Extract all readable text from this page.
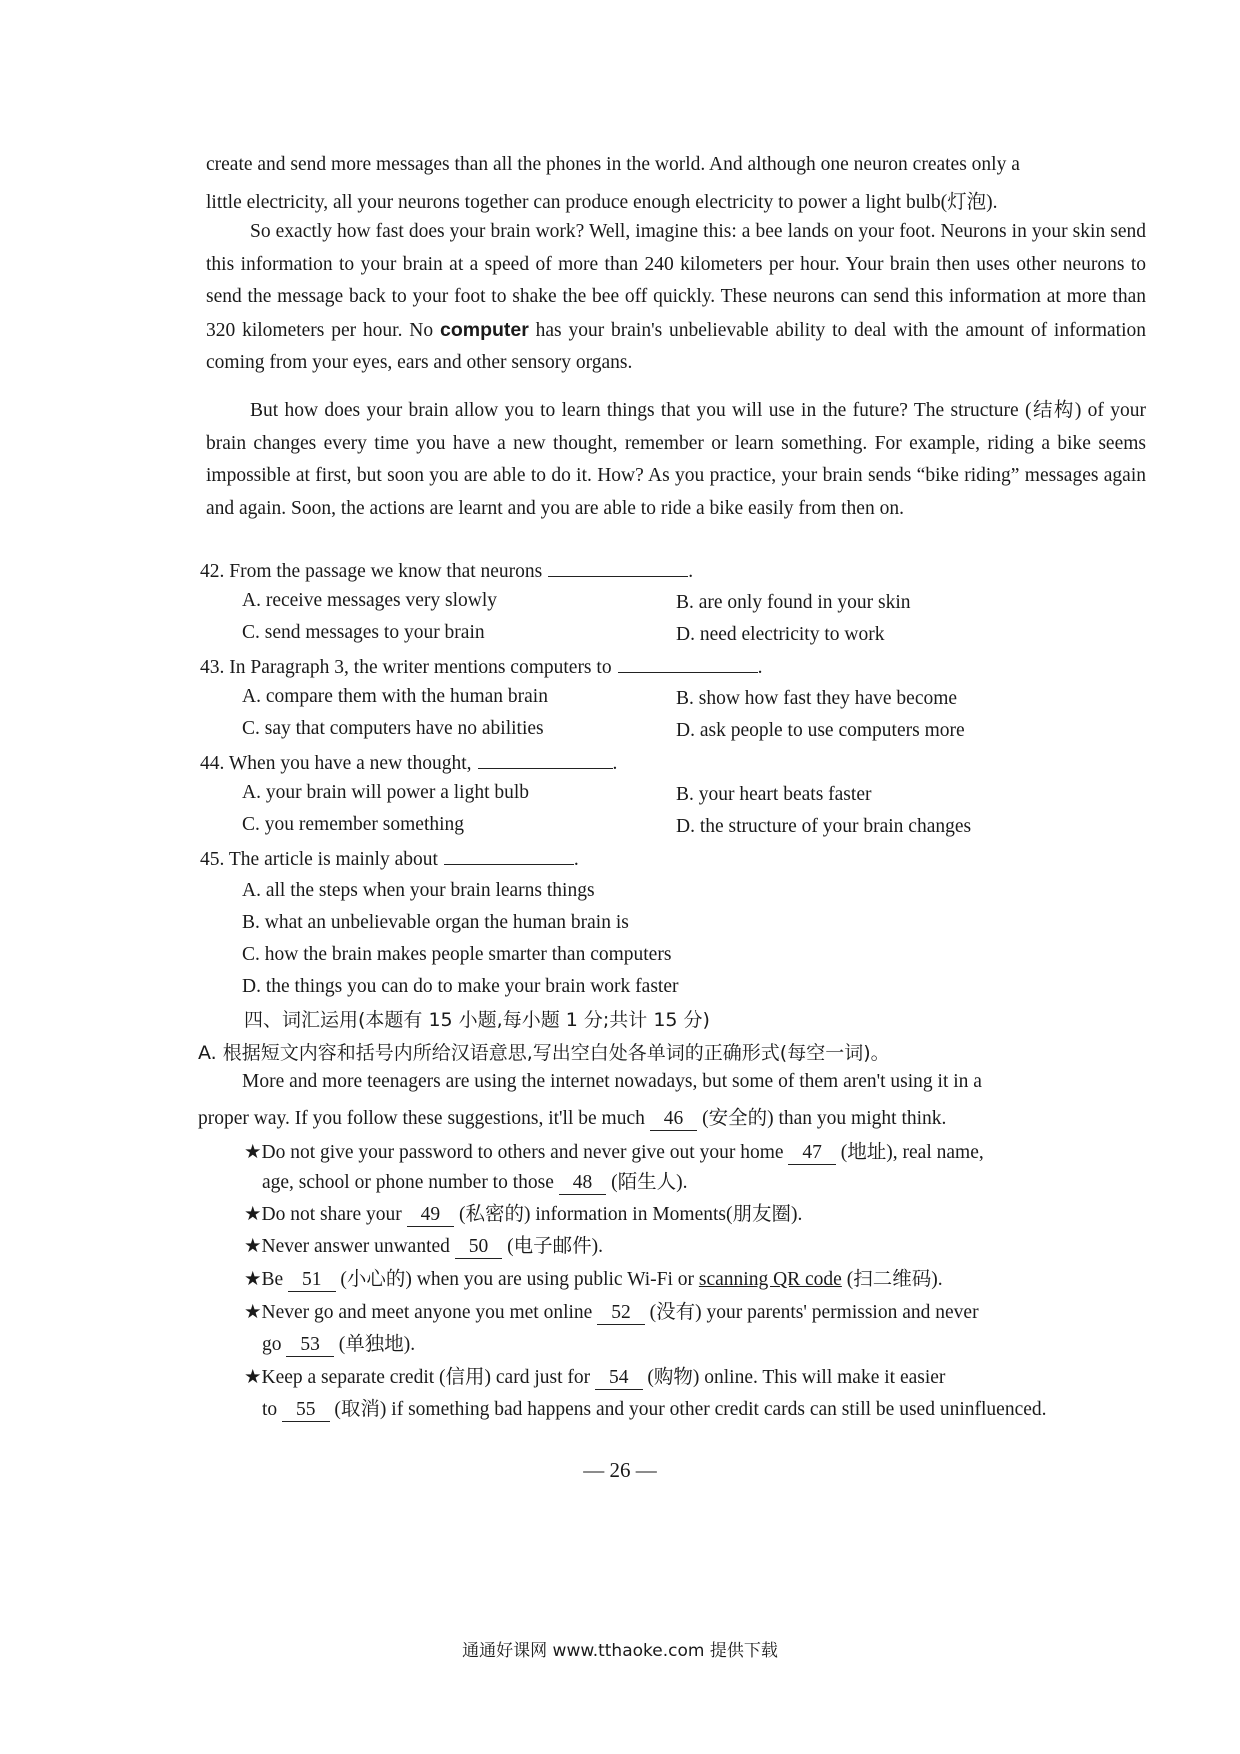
create and send more messages than all the phones in the world. And although one neuron creates only a
little electricity, all your neurons together can produce enough electricity to power a light bulb(灯泡).
So exactly how fast does your brain work? Well, imagine this: a bee lands on your foot. Neurons in your skin send this information to your brain at a speed of more than 240 kilometers per hour. Your brain then uses other neurons to send the message back to your foot to shake the bee off quickly. These neurons can send this information at more than 320 kilometers per hour. No computer has your brain's unbelievable ability to deal with the amount of information coming from your eyes, ears and other sensory organs.
But how does your brain allow you to learn things that you will use in the future? The structure (结构) of your brain changes every time you have a new thought, remember or learn something. For example, riding a bike seems impossible at first, but soon you are able to do it. How? As you practice, your brain sends “bike riding” messages again and again. Soon, the actions are learnt and you are able to ride a bike easily from then on.
42. From the passage we know that neurons	.
A. receive messages very slowly	B. are only found in your skin
C. send messages to your brain	D. need electricity to work
43. In Paragraph 3, the writer mentions computers to	.
A. compare them with the human brain	B. show how fast they have become
C. say that computers have no abilities	D. ask people to use computers more
44. When you have a new thought,	.
A. your brain will power a light bulb	B. your heart beats faster
C. you remember something	D. the structure of your brain changes
45. The article is mainly about	.
A. all the steps when your brain learns things
B. what an unbelievable organ the human brain is
C. how the brain makes people smarter than computers
D. the things you can do to make your brain work faster
四、词汇运用(本题有 15 小题,每小题 1 分;共计 15 分)
A. 根据短文内容和括号内所给汉语意思,写出空白处各单词的正确形式(每空一词)。
More and more teenagers are using the internet nowadays, but some of them aren't using it in a
proper way. If you follow these suggestions, it'll be much 46 (安全的) than you might think.
★Do not give your password to others and never give out your home 47 (地址), real name,
age, school or phone number to those 48 (陌生人).
★Do not share your 49 (私密的) information in Moments(朋友圈).
★Never answer unwanted 50 (电子邮件).
★Be 51 (小心的) when you are using public Wi-Fi or scanning QR code (扫二维码).
★Never go and meet anyone you met online 52 (没有) your parents' permission and never
go 53 (单独地).
★Keep a separate credit (信用) card just for 54 (购物) online. This will make it easier
to 55 (取消) if something bad happens and your other credit cards can still be used uninfluenced.
— 26 —
通通好课网 www.tthaoke.com 提供下载
